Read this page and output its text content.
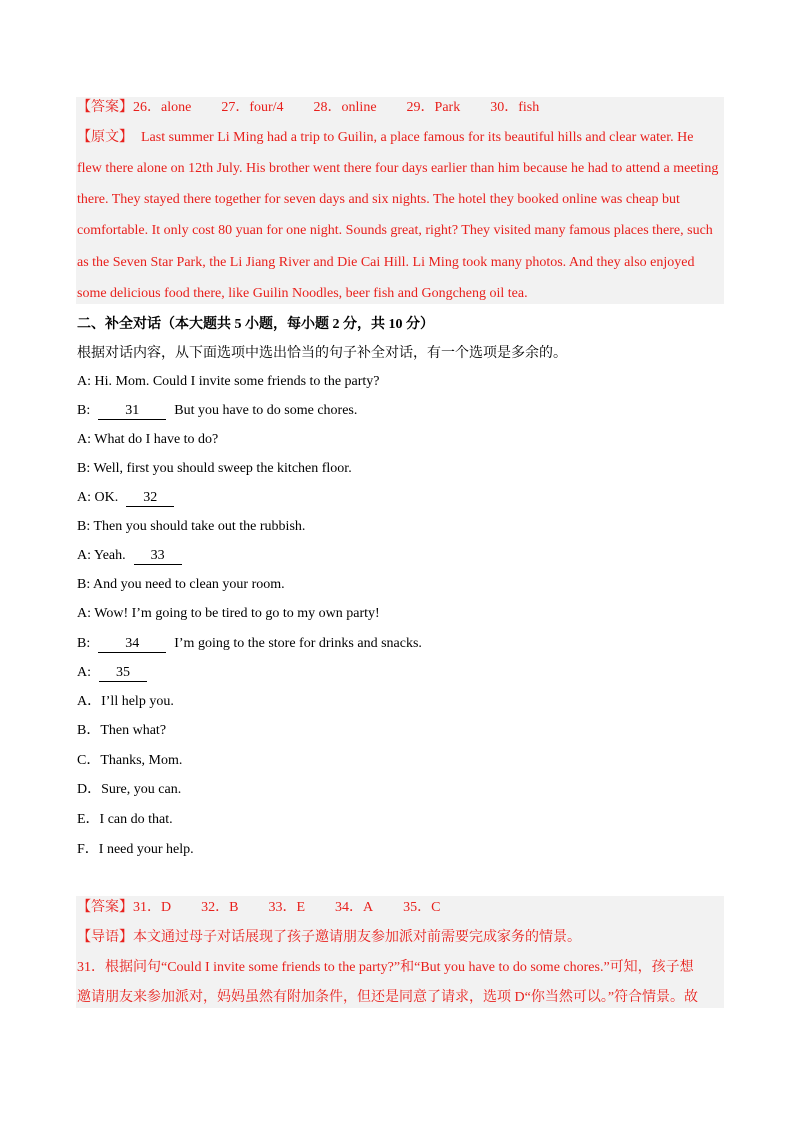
【答案】26．alone 27．four/4 28．online 29．Park 30．fish
【原文】 Last summer Li Ming had a trip to Guilin, a place famous for its beautiful hills and clear water. He
flew there alone on 12th July. His brother went there four days earlier than him because he had to attend a meeting
there. They stayed there together for seven days and six nights. The hotel they booked online was cheap but
comfortable. It only cost 80 yuan for one night. Sounds great, right? They visited many famous places there, such
as the Seven Star Park, the Li Jiang River and Die Cai Hill. Li Ming took many photos. And they also enjoyed
some delicious food there, like Guilin Noodles, beer fish and Gongcheng oil tea.
二、补全对话（本大题共 5 小题，每小题 2 分，共 10 分）
根据对话内容，从下面选项中选出恰当的句子补全对话，有一个选项是多余的。
A: Hi. Mom. Could I invite some friends to the party?
B:	31	But you have to do some chores.
A: What do I have to do?
B: Well, first you should sweep the kitchen floor.
A: OK. 32
B: Then you should take out the rubbish.
A: Yeah. 33
B: And you need to clean your room.
A: Wow! I’m going to be tired to go to my own party!
B:	34	I’m going to the store for drinks and snacks.
A: 35
A．I’ll help you.
B．Then what?
C．Thanks, Mom.
D．Sure, you can.
E．I can do that.
F．I need your help.
【答案】31．D 32．B 33．E 34．A 35．C
【导语】本文通过母子对话展现了孩子邀请朋友参加派对前需要完成家务的情景。
31．根据问句“Could I invite some friends to the party?”和“But you have to do some chores.”可知，孩子想
邀请朋友来参加派对，妈妈虽然有附加条件，但还是同意了请求，选项 D“你当然可以。”符合情景。故
